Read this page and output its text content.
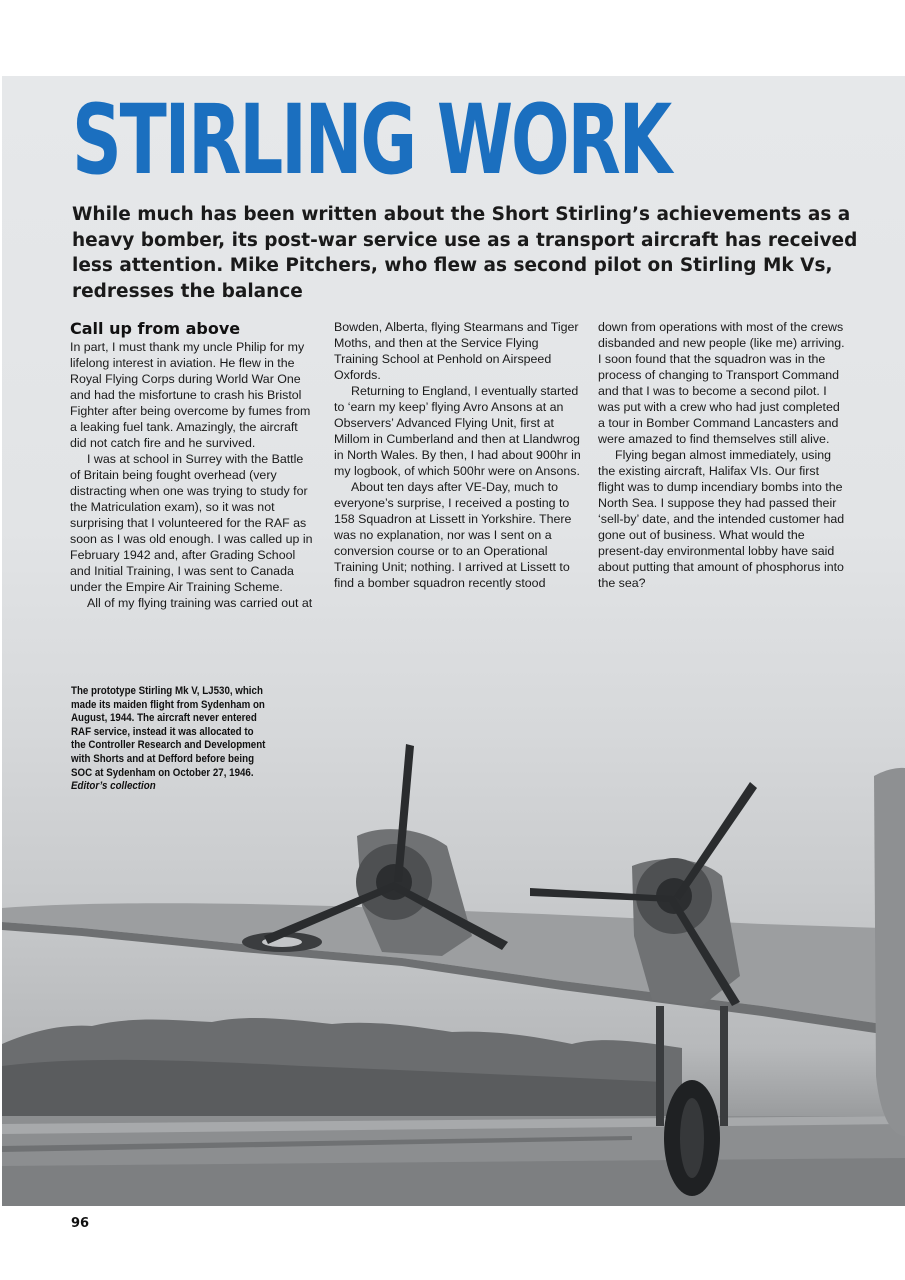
STIRLING WORK

While much has been written about the Short Stirling’s achievements as a heavy bomber, its post-war service use as a transport aircraft has received less attention. Mike Pitchers, who flew as second pilot on Stirling Mk Vs, redresses the balance

Call up from above

In part, I must thank my uncle Philip for my lifelong interest in aviation. He flew in the Royal Flying Corps during World War One and had the misfortune to crash his Bristol Fighter after being overcome by fumes from a leaking fuel tank. Amazingly, the aircraft did not catch fire and he survived.

I was at school in Surrey with the Battle of Britain being fought overhead (very distracting when one was trying to study for the Matriculation exam), so it was not surprising that I volunteered for the RAF as soon as I was old enough. I was called up in February 1942 and, after Grading School and Initial Training, I was sent to Canada under the Empire Air Training Scheme.

All of my flying training was carried out at

Bowden, Alberta, flying Stearmans and Tiger Moths, and then at the Service Flying Training School at Penhold on Airspeed Oxfords.

Returning to England, I eventually started to ‘earn my keep’ flying Avro Ansons at an Observers’ Advanced Flying Unit, first at Millom in Cumberland and then at Llandwrog in North Wales. By then, I had about 900hr in my logbook, of which 500hr were on Ansons.

About ten days after VE-Day, much to everyone’s surprise, I received a posting to 158 Squadron at Lissett in Yorkshire. There was no explanation, nor was I sent on a conversion course or to an Operational Training Unit; nothing. I arrived at Lissett to find a bomber squadron recently stood

down from operations with most of the crews disbanded and new people (like me) arriving. I soon found that the squadron was in the process of changing to Transport Command and that I was to become a second pilot. I was put with a crew who had just completed a tour in Bomber Command Lancasters and were amazed to find themselves still alive.

Flying began almost immediately, using the existing aircraft, Halifax VIs. Our first flight was to dump incendiary bombs into the North Sea. I suppose they had passed their ‘sell-by’ date, and the intended customer had gone out of business. What would the present-day environmental lobby have said about putting that amount of phosphorus into the sea?

The prototype Stirling Mk V, LJ530, which made its maiden flight from Sydenham on August, 1944. The aircraft never entered RAF service, instead it was allocated to the Controller Research and Development with Shorts and at Defford before being SOC at Sydenham on October 27, 1946. Editor’s collection

96
